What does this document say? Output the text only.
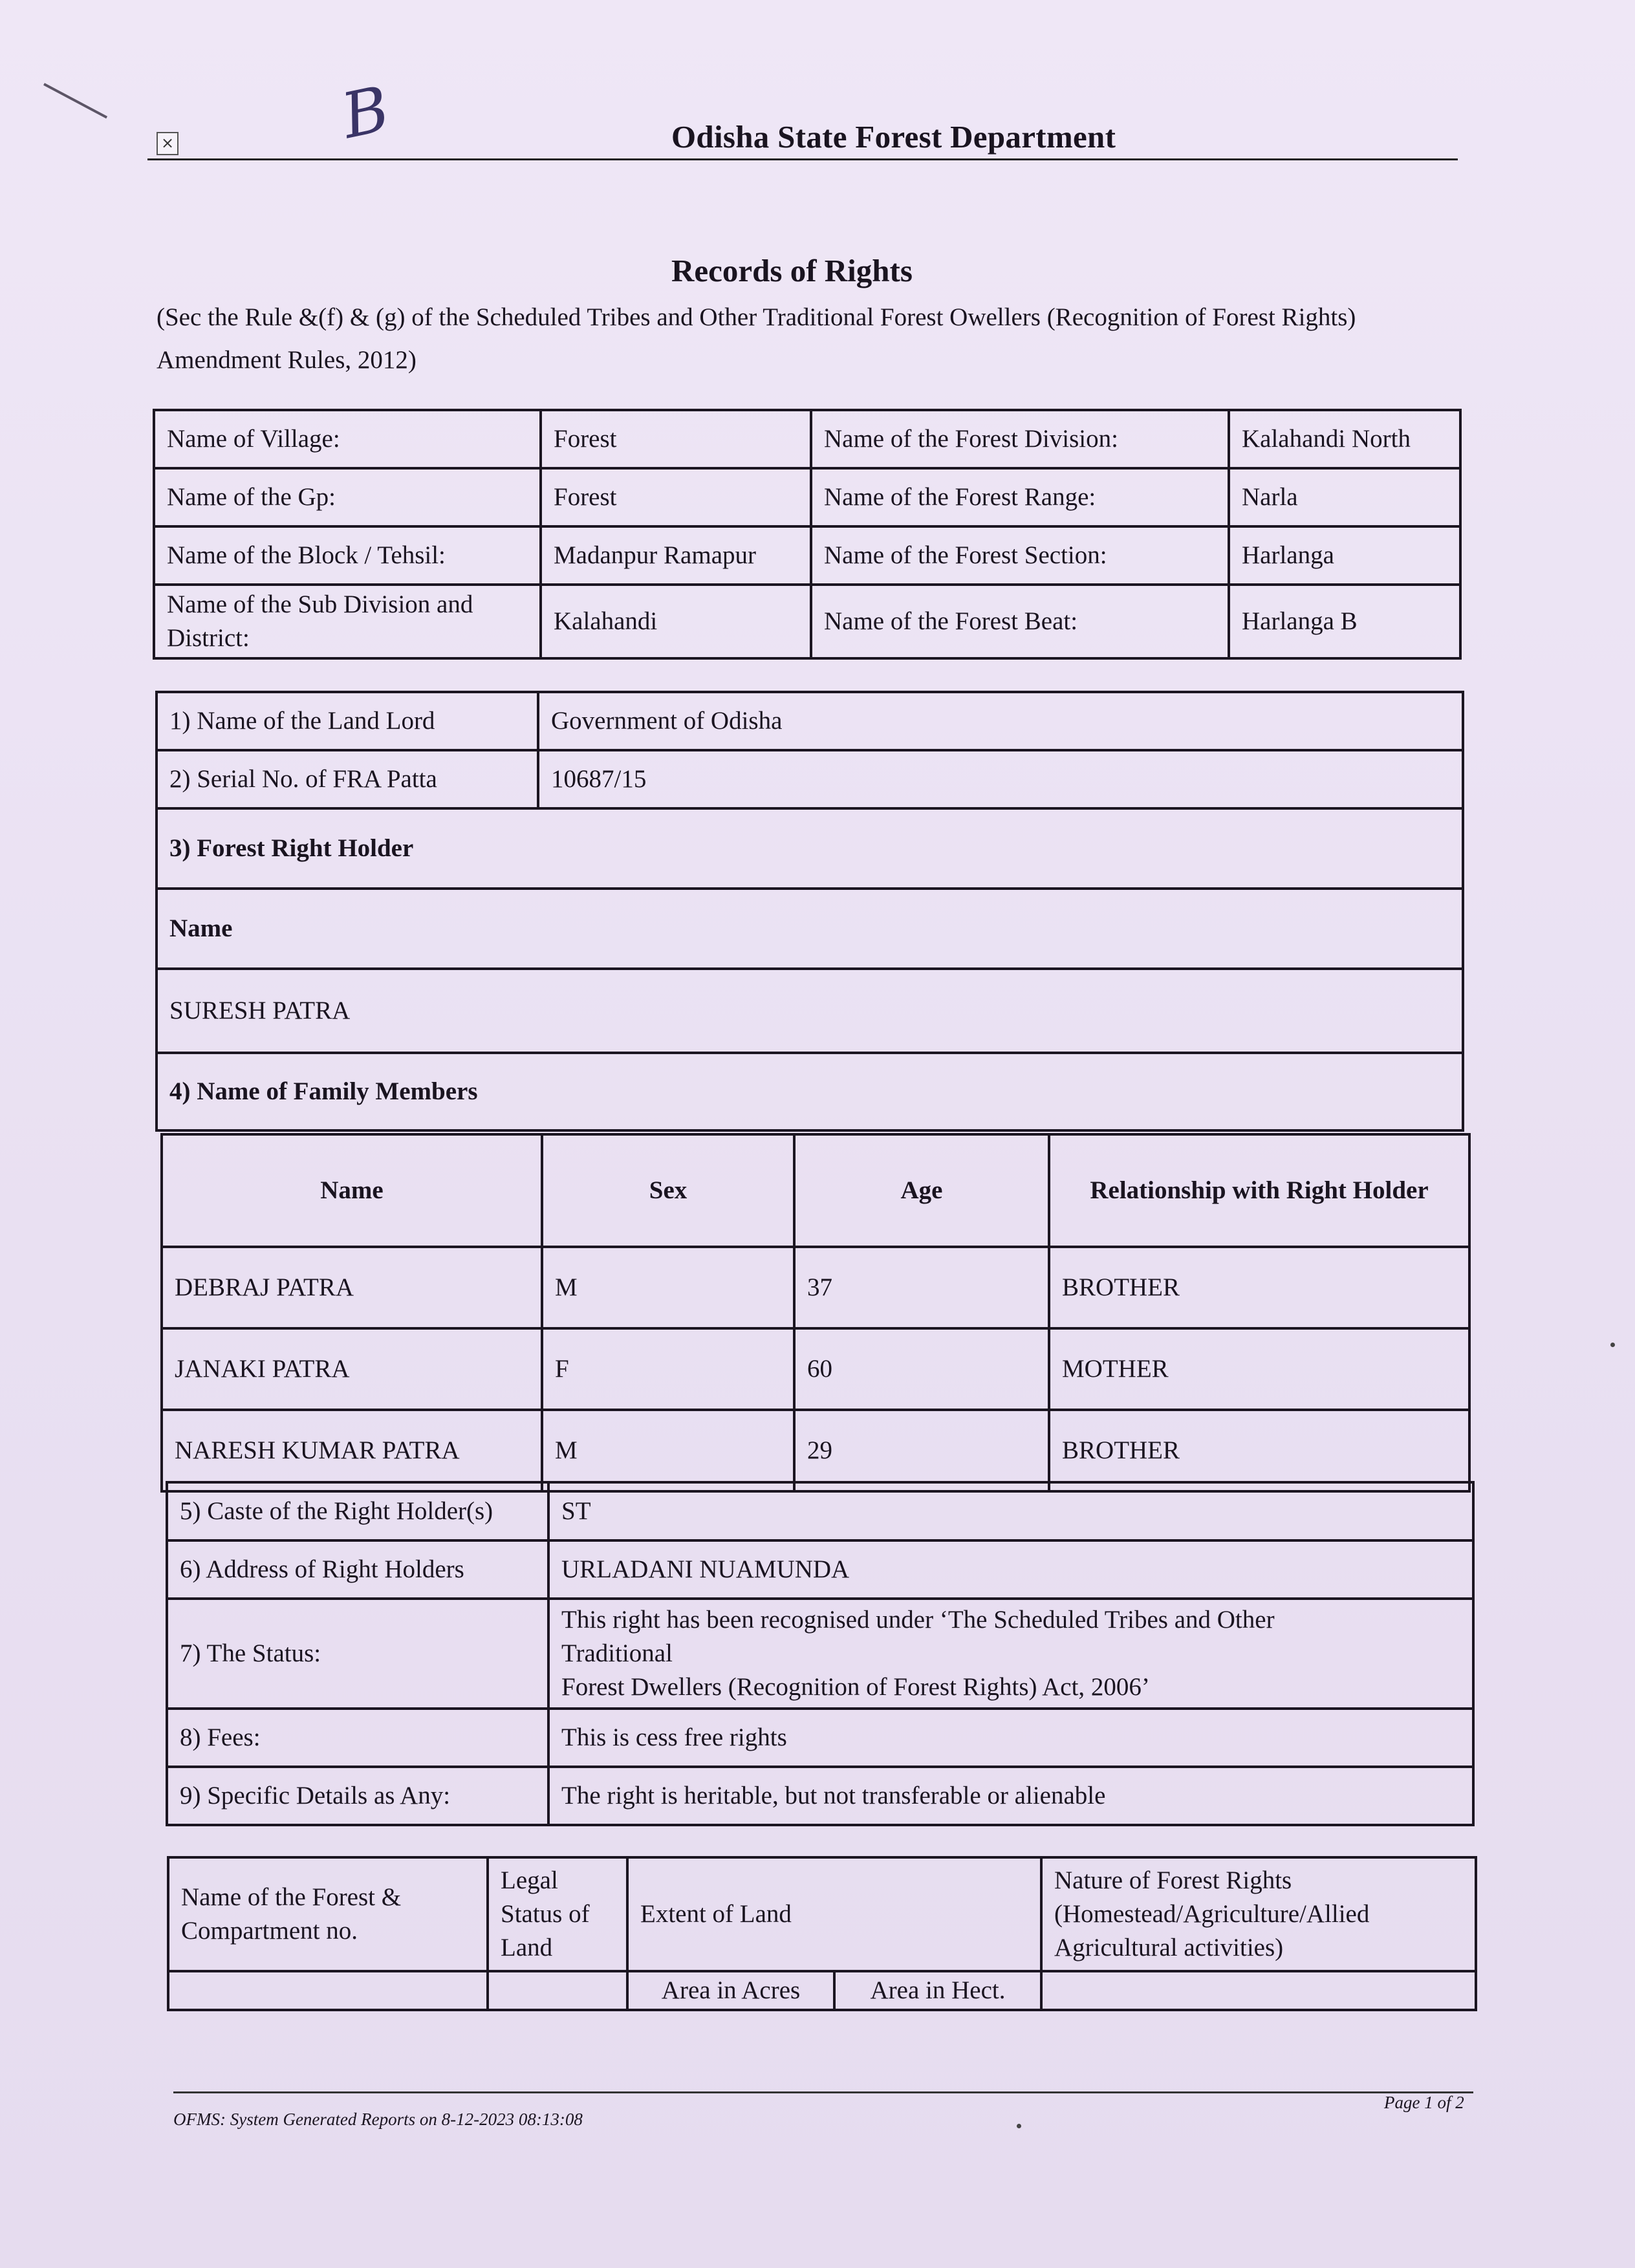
B
×	Odisha State Forest Department
Records of Rights
(Sec the Rule &(f) & (g) of the Scheduled Tribes and Other Traditional Forest Owellers (Recognition of Forest Rights) Amendment Rules, 2012)
Name of Village:	Forest	Name of the Forest Division:	Kalahandi North
Name of the Gp:	Forest	Name of the Forest Range:	Narla
Name of the Block / Tehsil:	Madanpur Ramapur	Name of the Forest Section:	Harlanga
Name of the Sub Division and District:	Kalahandi	Name of the Forest Beat:	Harlanga B
1) Name of the Land Lord	Government of Odisha
2) Serial No. of FRA Patta	10687/15
3) Forest Right Holder	
Name	
SURESH PATRA	
4) Name of Family Members	
Name	Sex	Age	Relationship with Right Holder
DEBRAJ PATRA	M	37	BROTHER
JANAKI PATRA	F	60	MOTHER
NARESH KUMAR PATRA	M	29	BROTHER
5) Caste of the Right Holder(s)	ST
6) Address of Right Holders	URLADANI NUAMUNDA
7) The Status:	This right has been recognised under ‘The Scheduled Tribes and Other
Traditional
Forest Dwellers (Recognition of Forest Rights) Act, 2006’

8) Fees:	This is cess free rights
9) Specific Details as Any:	The right is heritable, but not transferable or alienable
Name of the Forest & Compartment no.	Legal Status of Land	Extent of Land		Nature of Forest Rights (Homestead/Agriculture/Allied Agricultural activities)
		Area in Acres	Area in Hect.	
OFMS: System Generated Reports on 8-12-2023 08:13:08
Page 1 of 2
